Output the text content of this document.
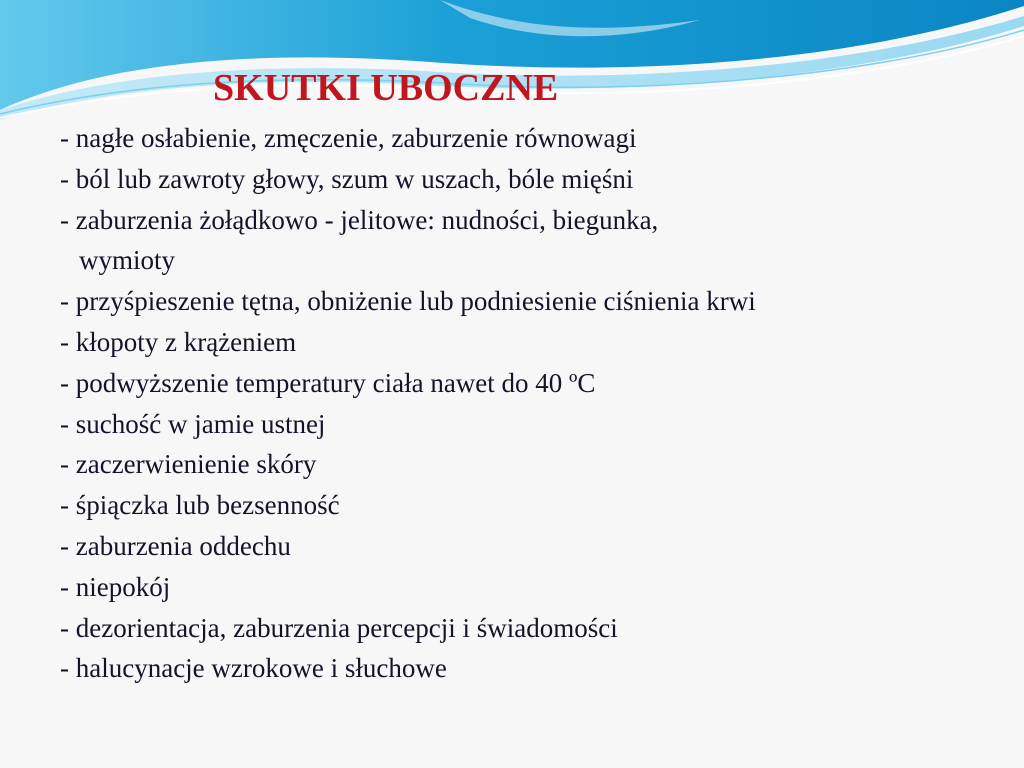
SKUTKI UBOCZNE
- nagłe osłabienie, zmęczenie, zaburzenie równowagi
- ból lub zawroty głowy, szum w uszach, bóle mięśni
- zaburzenia żołądkowo - jelitowe: nudności, biegunka,
wymioty
- przyśpieszenie tętna, obniżenie lub podniesienie ciśnienia krwi
- kłopoty z krążeniem
- podwyższenie temperatury ciała nawet do 40 ºC
- suchość w jamie ustnej
- zaczerwienienie skóry
- śpiączka lub bezsenność
- zaburzenia oddechu
- niepokój
- dezorientacja, zaburzenia percepcji i świadomości
- halucynacje wzrokowe i słuchowe
